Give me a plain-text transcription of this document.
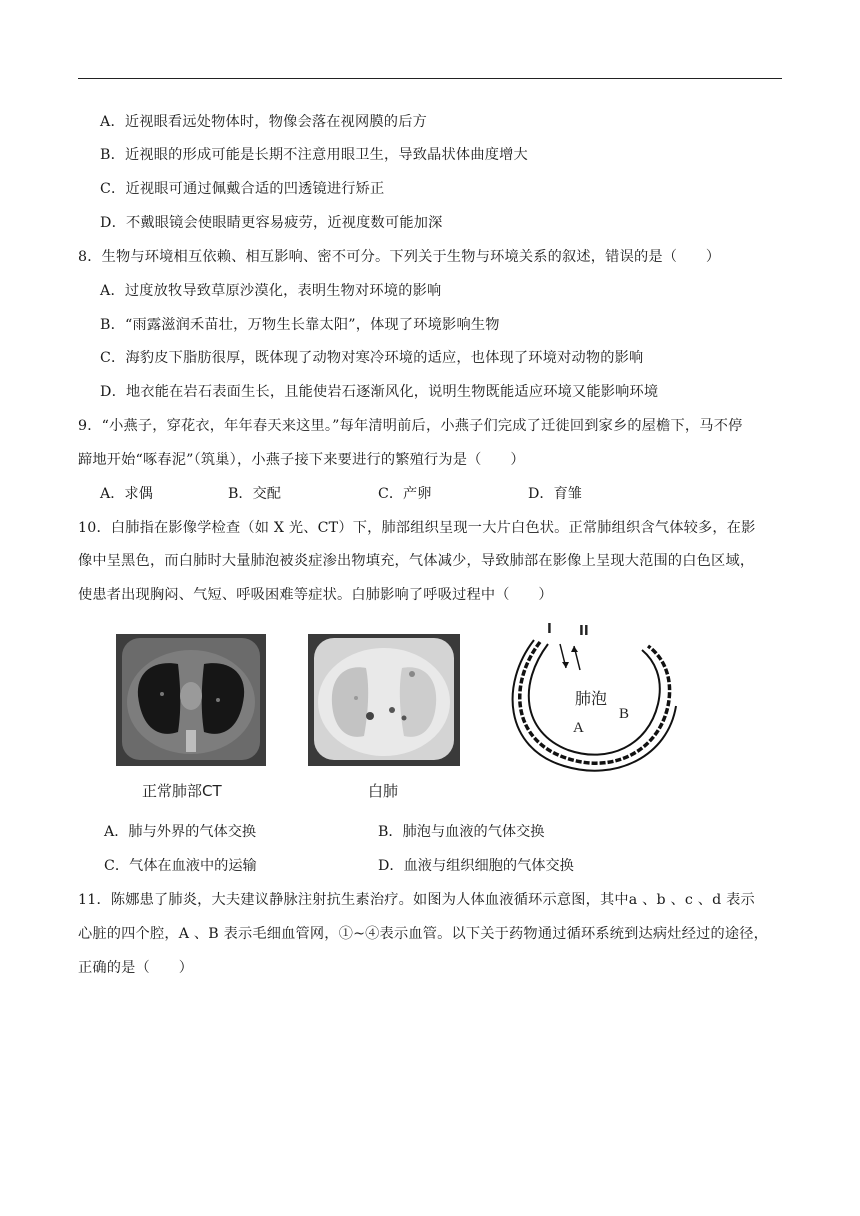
A．近视眼看远处物体时，物像会落在视网膜的后方
B．近视眼的形成可能是长期不注意用眼卫生，导致晶状体曲度增大
C．近视眼可通过佩戴合适的凹透镜进行矫正
D．不戴眼镜会使眼睛更容易疲劳，近视度数可能加深
8．生物与环境相互依赖、相互影响、密不可分。下列关于生物与环境关系的叙述，错误的是（　　）
A．过度放牧导致草原沙漠化，表明生物对环境的影响
B．“雨露滋润禾苗壮，万物生长靠太阳”，体现了环境影响生物
C．海豹皮下脂肪很厚，既体现了动物对寒冷环境的适应，也体现了环境对动物的影响
D．地衣能在岩石表面生长，且能使岩石逐渐风化，说明生物既能适应环境又能影响环境
9．“小燕子，穿花衣，年年春天来这里。”每年清明前后，小燕子们完成了迁徙回到家乡的屋檐下，马不停
蹄地开始“啄春泥”（筑巢），小燕子接下来要进行的繁殖行为是（　　）
A．求偶	B．交配	C．产卵	D．育雏
10．白肺指在影像学检查（如 X 光、CT）下，肺部组织呈现一大片白色状。正常肺组织含气体较多，在影
像中呈黑色，而白肺时大量肺泡被炎症渗出物填充，气体减少，导致肺部在影像上呈现大范围的白色区域，
使患者出现胸闷、气短、呼吸困难等症状。白肺影响了呼吸过程中（　　）
正常肺部CT	白肺
I II
肺泡
A
B
A．肺与外界的气体交换	B．肺泡与血液的气体交换
C．气体在血液中的运输	D．血液与组织细胞的气体交换
11．陈娜患了肺炎，大夫建议静脉注射抗生素治疗。如图为人体血液循环示意图，其中a 、b 、c 、d 表示
心脏的四个腔，A 、B 表示毛细血管网，①~④表示血管。以下关于药物通过循环系统到达病灶经过的途径，
正确的是（　　）
